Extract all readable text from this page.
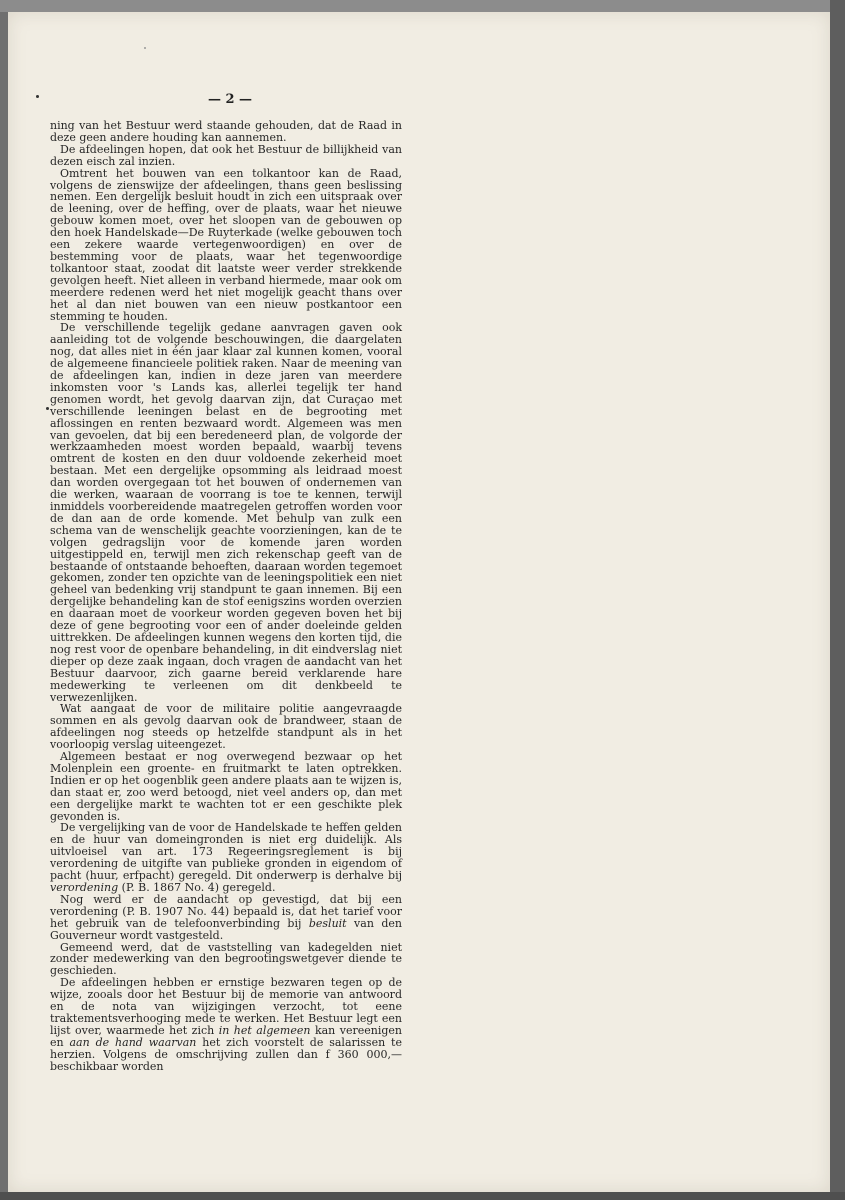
— 2 —

ning van het Bestuur werd staande gehouden, dat de Raad in deze geen andere houding kan aannemen.

De afdeelingen hopen, dat ook het Bestuur de billijkheid van dezen eisch zal inzien.

Omtrent het bouwen van een tolkantoor kan de Raad, volgens de zienswijze der afdeelingen, thans geen beslissing nemen. Een dergelijk besluit houdt in zich een uitspraak over de leening, over de heffing, over de plaats, waar het nieuwe gebouw komen moet, over het sloopen van de gebouwen op den hoek Handelskade—De Ruyterkade (welke gebouwen toch een zekere waarde vertegenwoordigen) en over de bestemming voor de plaats, waar het tegenwoordige tolkantoor staat, zoodat dit laatste weer verder strekkende gevolgen heeft. Niet alleen in verband hiermede, maar ook om meerdere redenen werd het niet mogelijk geacht thans over het al dan niet bouwen van een nieuw postkantoor een stemming te houden.

De verschillende tegelijk gedane aanvragen gaven ook aanleiding tot de volgende beschouwingen, die daargelaten nog, dat alles niet in één jaar klaar zal kunnen komen, vooral de algemeene financieele politiek raken. Naar de meening van de afdeelingen kan, indien in deze jaren van meerdere inkomsten voor 's Lands kas, allerlei tegelijk ter hand genomen wordt, het gevolg daarvan zijn, dat Curaçao met verschillende leeningen belast en de begrooting met aflossingen en renten bezwaard wordt. Algemeen was men van gevoelen, dat bij een beredeneerd plan, de volgorde der werkzaamheden moest worden bepaald, waarbij tevens omtrent de kosten en den duur voldoende zekerheid moet bestaan. Met een dergelijke opsomming als leidraad moest dan worden overgegaan tot het bouwen of ondernemen van die werken, waaraan de voorrang is toe te kennen, terwijl inmiddels voorbereidende maatregelen getroffen worden voor de dan aan de orde komende. Met behulp van zulk een schema van de wenschelijk geachte voorzieningen, kan de te volgen gedragslijn voor de komende jaren worden uitgestippeld en, terwijl men zich rekenschap geeft van de bestaande of ontstaande behoeften, daaraan worden tegemoet gekomen, zonder ten opzichte van de leeningspolitiek een niet geheel van bedenking vrij standpunt te gaan innemen. Bij een dergelijke behandeling kan de stof eenigszins worden overzien en daaraan moet de voorkeur worden gegeven boven het bij deze of gene begrooting voor een of ander doeleinde gelden uittrekken. De afdeelingen kunnen wegens den korten tijd, die nog rest voor de openbare behandeling, in dit eindverslag niet dieper op deze zaak ingaan, doch vragen de aandacht van het Bestuur daarvoor, zich gaarne bereid verklarende hare medewerking te verleenen om dit denkbeeld te verwezenlijken.

Wat aangaat de voor de militaire politie aangevraagde sommen en als gevolg daarvan ook de brandweer, staan de afdeelingen nog steeds op hetzelfde standpunt als in het voorloopig verslag uiteengezet.

Algemeen bestaat er nog overwegend bezwaar op het Molenplein een groente- en fruitmarkt te laten optrekken. Indien er op het oogenblik geen andere plaats aan te wijzen is, dan staat er, zoo werd betoogd, niet veel anders op, dan met een dergelijke markt te wachten tot er een geschikte plek gevonden is.

De vergelijking van de voor de Handelskade te heffen gelden en de huur van domeingronden is niet erg duidelijk. Als uitvloeisel van art. 173 Regeeringsreglement is bij verordening de uitgifte van publieke gronden in eigendom of pacht (huur, erfpacht) geregeld. Dit onderwerp is derhalve bij verordening (P. B. 1867 No. 4) geregeld.

Nog werd er de aandacht op gevestigd, dat bij een verordening (P. B. 1907 No. 44) bepaald is, dat het tarief voor het gebruik van de telefoonverbinding bij besluit van den Gouverneur wordt vastgesteld.

Gemeend werd, dat de vaststelling van kadegelden niet zonder medewerking van den begrootingswetgever diende te geschieden.

De afdeelingen hebben er ernstige bezwaren tegen op de wijze, zooals door het Bestuur bij de memorie van antwoord en de nota van wijzigingen verzocht, tot eene traktementsverhooging mede te werken. Het Bestuur legt een lijst over, waarmede het zich in het algemeen kan vereenigen en aan de hand waarvan het zich voorstelt de salarissen te herzien. Volgens de omschrijving zullen dan f 360 000,— beschikbaar worden
